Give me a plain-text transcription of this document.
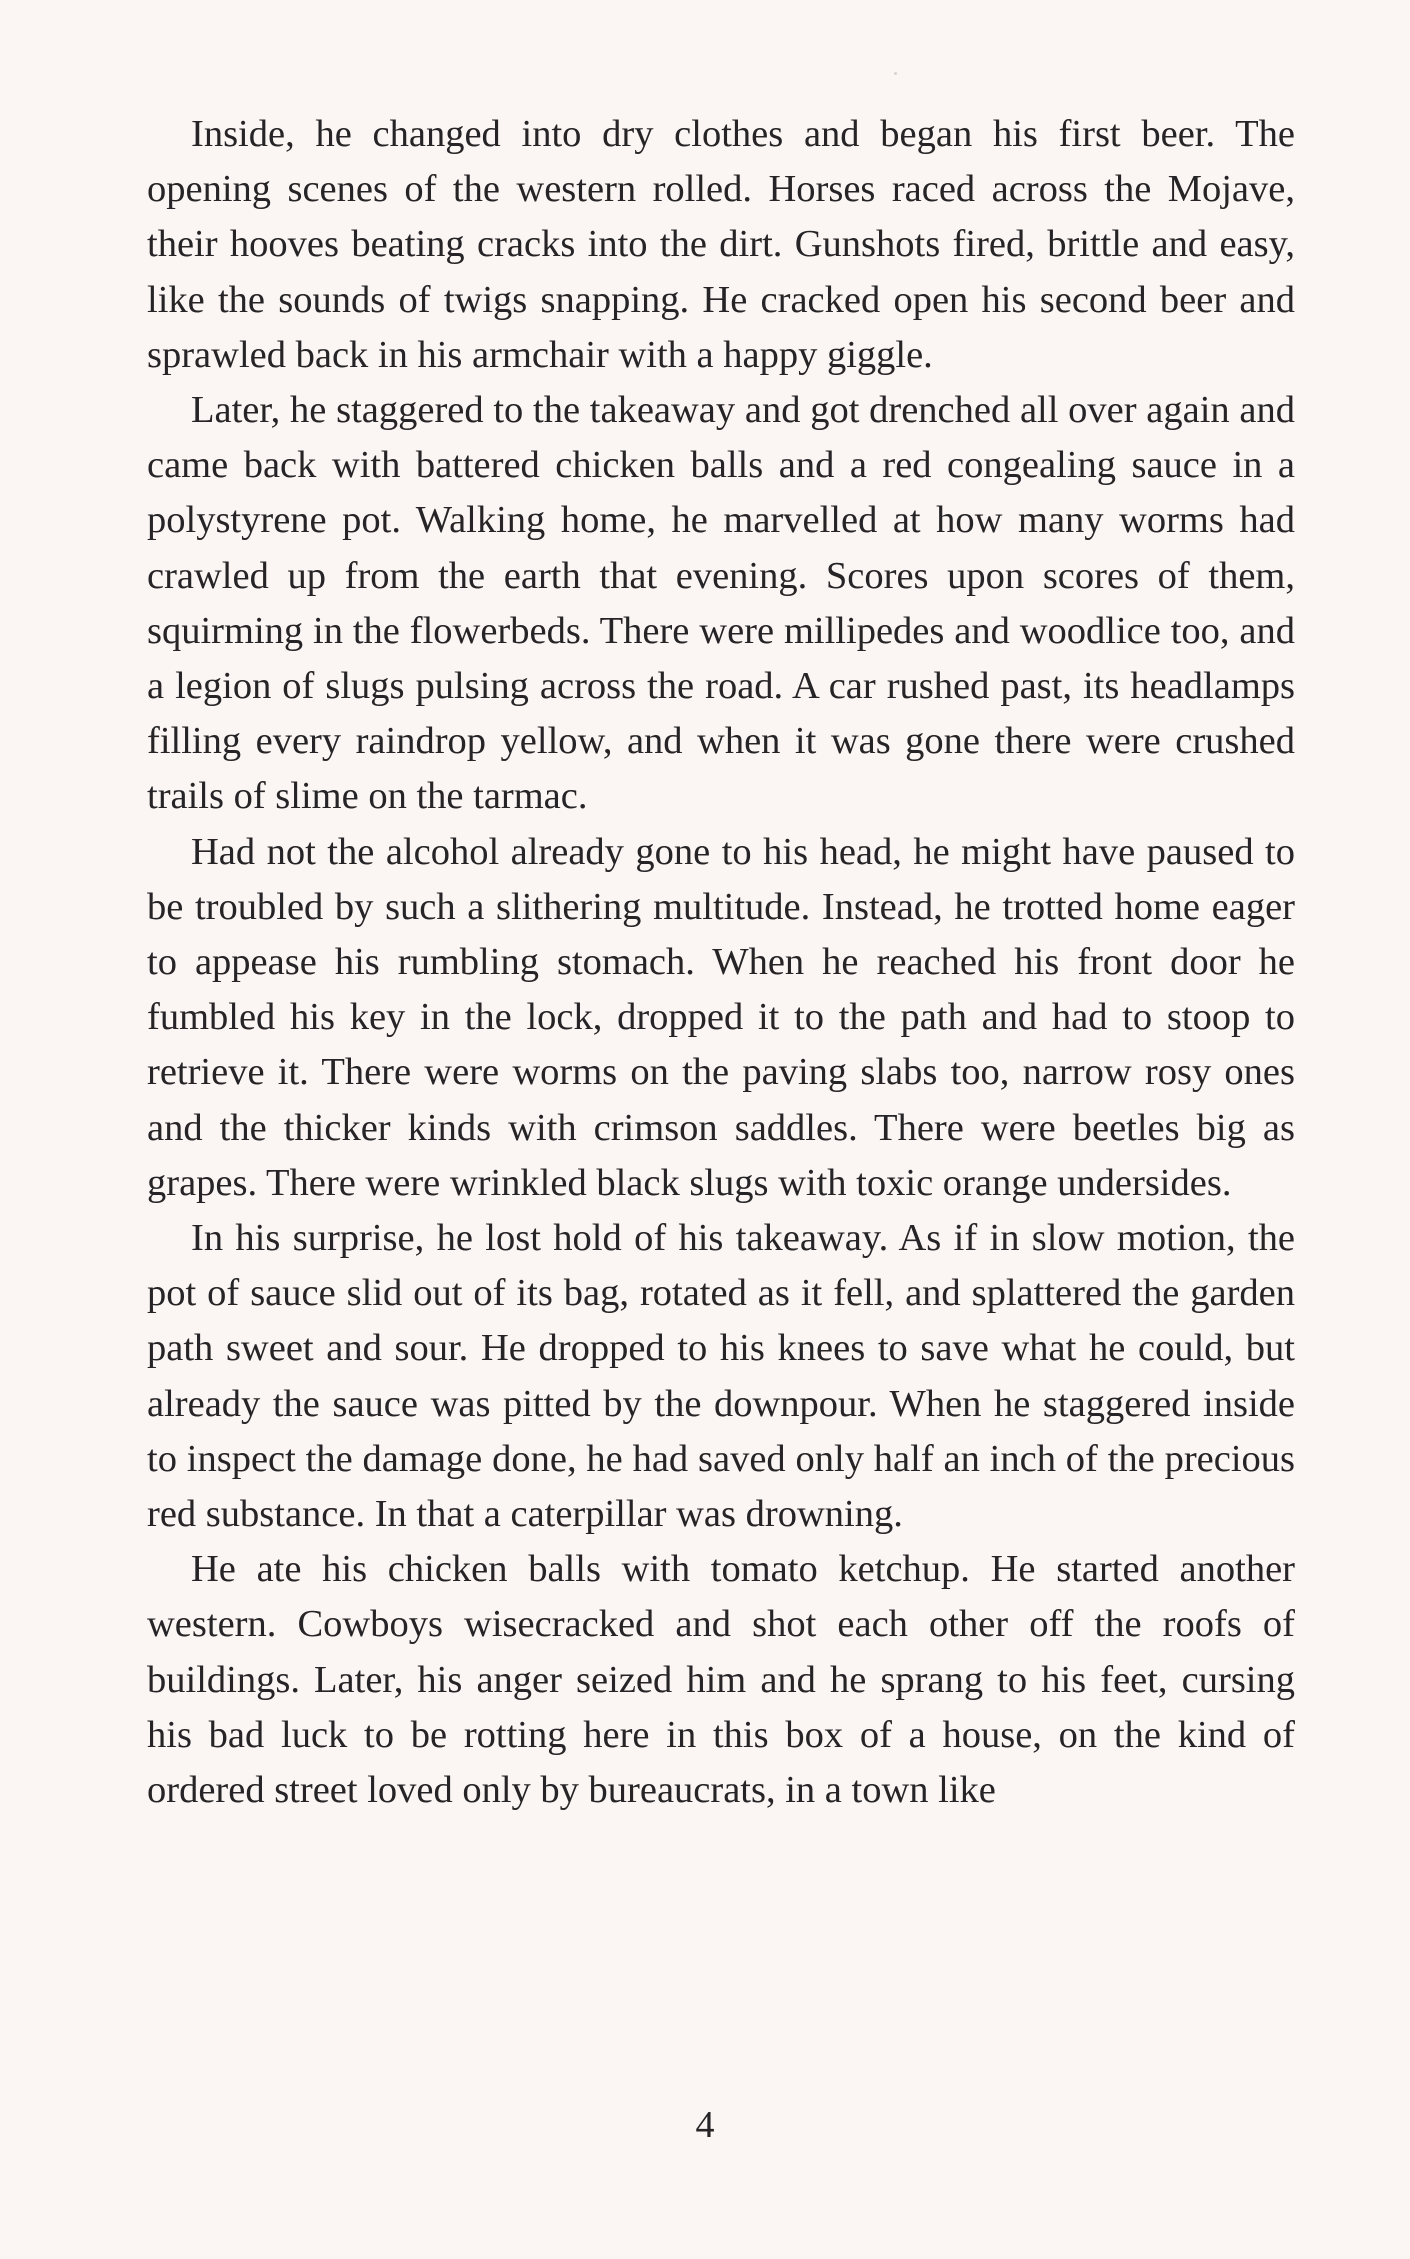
Inside, he changed into dry clothes and began his first beer. The opening scenes of the western rolled. Horses raced across the Mojave, their hooves beating cracks into the dirt. Gunshots fired, brittle and easy, like the sounds of twigs snapping. He cracked open his second beer and sprawled back in his armchair with a happy giggle.

Later, he staggered to the takeaway and got drenched all over again and came back with battered chicken balls and a red congealing sauce in a polystyrene pot. Walking home, he marvelled at how many worms had crawled up from the earth that evening. Scores upon scores of them, squirming in the flowerbeds. There were millipedes and woodlice too, and a legion of slugs pulsing across the road. A car rushed past, its headlamps filling every raindrop yellow, and when it was gone there were crushed trails of slime on the tarmac.

Had not the alcohol already gone to his head, he might have paused to be troubled by such a slithering multitude. Instead, he trotted home eager to appease his rumbling stomach. When he reached his front door he fumbled his key in the lock, dropped it to the path and had to stoop to retrieve it. There were worms on the paving slabs too, narrow rosy ones and the thicker kinds with crimson saddles. There were beetles big as grapes. There were wrinkled black slugs with toxic orange undersides.

In his surprise, he lost hold of his takeaway. As if in slow motion, the pot of sauce slid out of its bag, rotated as it fell, and splattered the garden path sweet and sour. He dropped to his knees to save what he could, but already the sauce was pitted by the downpour. When he staggered inside to inspect the damage done, he had saved only half an inch of the precious red substance. In that a caterpillar was drowning.

He ate his chicken balls with tomato ketchup. He started another western. Cowboys wisecracked and shot each other off the roofs of buildings. Later, his anger seized him and he sprang to his feet, cursing his bad luck to be rotting here in this box of a house, on the kind of ordered street loved only by bureaucrats, in a town like

4
